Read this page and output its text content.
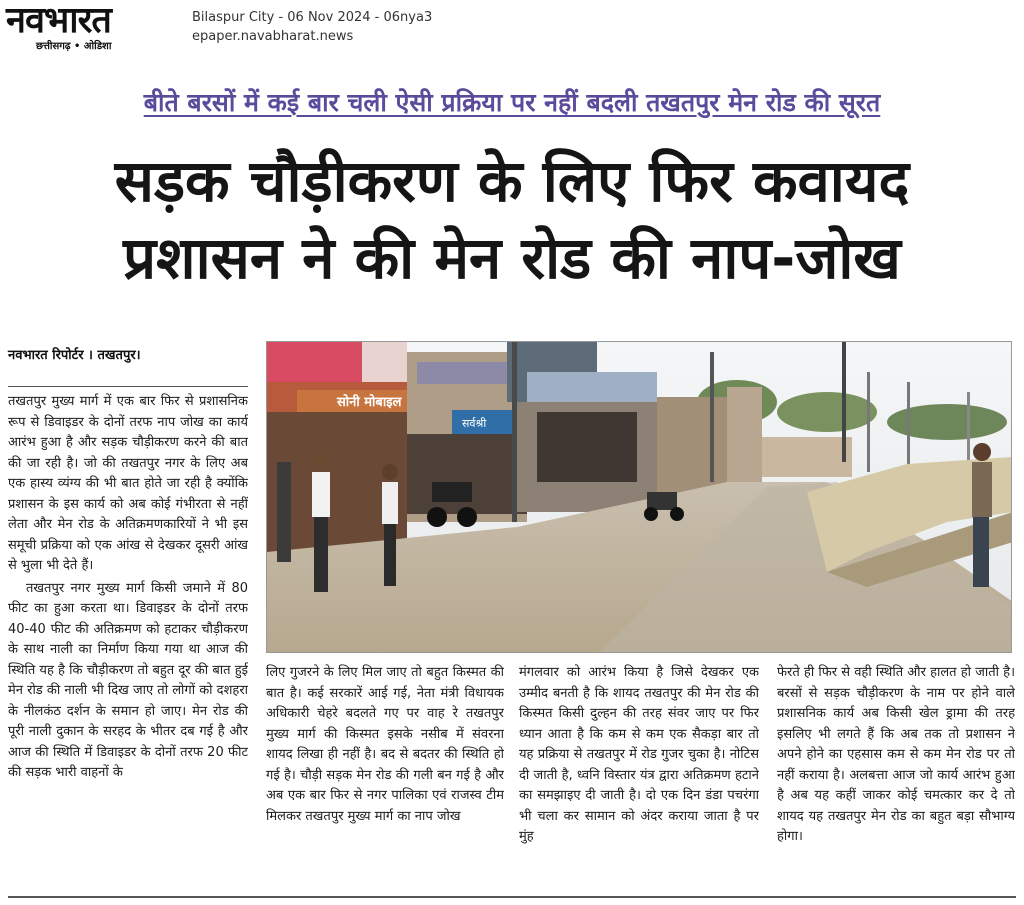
नवभारत
छत्तीसगढ़ • ओडिशा
Bilaspur City - 06 Nov 2024 - 06nya3
epaper.navabharat.news
बीते बरसों में कई बार चली ऐसी प्रक्रिया पर नहीं बदली तखतपुर मेन रोड की सूरत
सड़क चौड़ीकरण के लिए फिर कवायद
प्रशासन ने की मेन रोड की नाप-जोख
नवभारत रिपोर्टर । तखतपुर।

तखतपुर मुख्य मार्ग में एक बार फिर से प्रशासनिक रूप से डिवाइडर के दोनों तरफ नाप जोख का कार्य आरंभ हुआ है और सड़क चौड़ीकरण करने की बात की जा रही है। जो की तखतपुर नगर के लिए अब एक हास्य व्यंग्य की भी बात होते जा रही है क्योंकि प्रशासन के इस कार्य को अब कोई गंभीरता से नहीं लेता और मेन रोड के अतिक्रमणकारियों ने भी इस समूची प्रक्रिया को एक आंख से देखकर दूसरी आंख से भुला भी देते हैं।

तखतपुर नगर मुख्य मार्ग किसी जमाने में 80 फीट का हुआ करता था। डिवाइडर के दोनों तरफ 40-40 फीट की अतिक्रमण को हटाकर चौड़ीकरण के साथ नाली का निर्माण किया गया था आज की स्थिति यह है कि चौड़ीकरण तो बहुत दूर की बात हुई मेन रोड की नाली भी दिख जाए तो लोगों को दशहरा के नीलकंठ दर्शन के समान हो जाए। मेन रोड की पूरी नाली दुकान के सरहद के भीतर दब गई है और आज की स्थिति में डिवाइडर के दोनों तरफ 20 फीट की सड़क भारी वाहनों के

सोनी मोबाइल
सर्वश्री
लिए गुजरने के लिए मिल जाए तो बहुत किस्मत की बात है। कई सरकारें आई गई, नेता मंत्री विधायक अधिकारी चेहरे बदलते गए पर वाह रे तखतपुर मुख्य मार्ग की किस्मत इसके नसीब में संवरना शायद लिखा ही नहीं है। बद से बदतर की स्थिति हो गई है। चौड़ी सड़क मेन रोड की गली बन गई है और अब एक बार फिर से नगर पालिका एवं राजस्व टीम मिलकर तखतपुर मुख्य मार्ग का नाप जोख
मंगलवार को आरंभ किया है जिसे देखकर एक उम्मीद बनती है कि शायद तखतपुर की मेन रोड की किस्मत किसी दुल्हन की तरह संवर जाए पर फिर ध्यान आता है कि कम से कम एक सैकड़ा बार तो यह प्रक्रिया से तखतपुर में रोड गुजर चुका है। नोटिस दी जाती है, ध्वनि विस्तार यंत्र द्वारा अतिक्रमण हटाने का समझाइए दी जाती है। दो एक दिन डंडा पचरंगा भी चला कर सामान को अंदर कराया जाता है पर मुंह
फेरते ही फिर से वही स्थिति और हालत हो जाती है। बरसों से सड़क चौड़ीकरण के नाम पर होने वाले प्रशासनिक कार्य अब किसी खेल ड्रामा की तरह इसलिए भी लगते हैं कि अब तक तो प्रशासन ने अपने होने का एहसास कम से कम मेन रोड पर तो नहीं कराया है। अलबत्ता आज जो कार्य आरंभ हुआ है अब यह कहीं जाकर कोई चमत्कार कर दे तो शायद यह तखतपुर मेन रोड का बहुत बड़ा सौभाग्य होगा।
